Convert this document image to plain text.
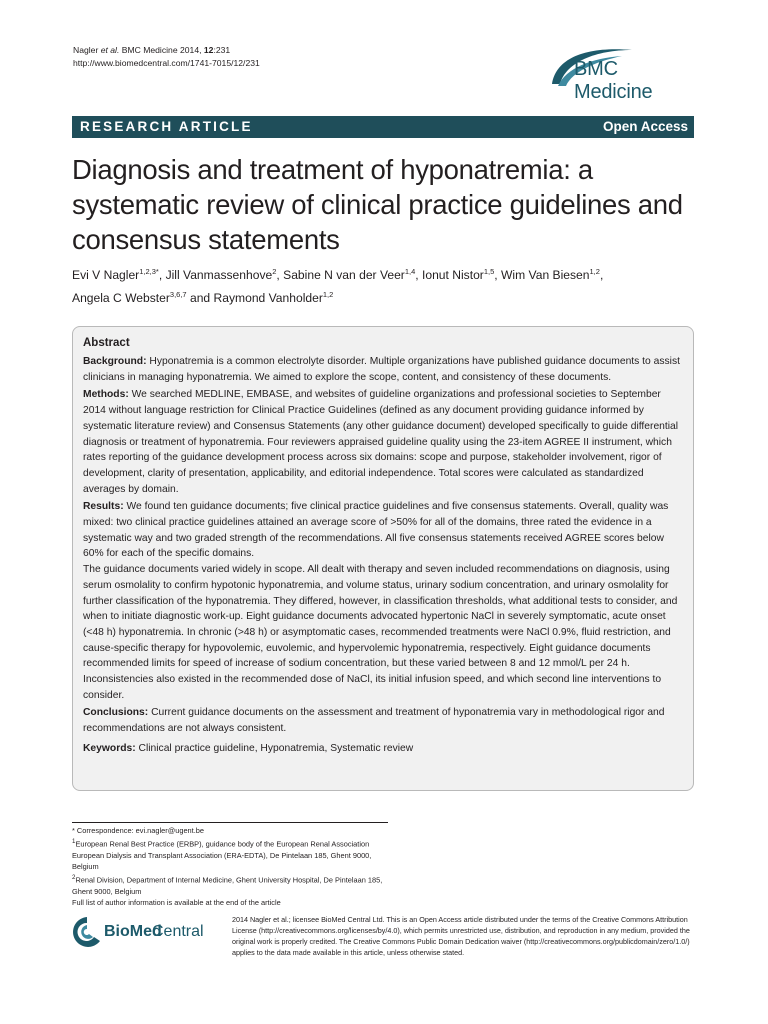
Nagler et al. BMC Medicine 2014, 12:231
http://www.biomedcentral.com/1741-7015/12/231	BMC Medicine
RESEARCH ARTICLE	Open Access
Diagnosis and treatment of hyponatremia: a systematic review of clinical practice guidelines and consensus statements
Evi V Nagler$^{1,2,3*}$, Jill Vanmassenhove$^2$, Sabine N van der Veer$^{1,4}$, Ionut Nistor$^{1,5}$, Wim Van Biesen$^{1,2}$,
Angela C Webster$^{3,6,7}$ and Raymond Vanholder$^{1,2}$
Abstract

Background: Hyponatremia is a common electrolyte disorder. Multiple organizations have published guidance documents to assist clinicians in managing hyponatremia. We aimed to explore the scope, content, and consistency of these documents.

Methods: We searched MEDLINE, EMBASE, and websites of guideline organizations and professional societies to September 2014 without language restriction for Clinical Practice Guidelines (defined as any document providing guidance informed by systematic literature review) and Consensus Statements (any other guidance document) developed specifically to guide differential diagnosis or treatment of hyponatremia. Four reviewers appraised guideline quality using the 23-item AGREE II instrument, which rates reporting of the guidance development process across six domains: scope and purpose, stakeholder involvement, rigor of development, clarity of presentation, applicability, and editorial independence. Total scores were calculated as standardized averages by domain.

Results: We found ten guidance documents; five clinical practice guidelines and five consensus statements. Overall, quality was mixed: two clinical practice guidelines attained an average score of >50% for all of the domains, three rated the evidence in a systematic way and two graded strength of the recommendations. All five consensus statements received AGREE scores below 60% for each of the specific domains.

The guidance documents varied widely in scope. All dealt with therapy and seven included recommendations on diagnosis, using serum osmolality to confirm hypotonic hyponatremia, and volume status, urinary sodium concentration, and urinary osmolality for further classification of the hyponatremia. They differed, however, in classification thresholds, what additional tests to consider, and when to initiate diagnostic work-up. Eight guidance documents advocated hypertonic NaCl in severely symptomatic, acute onset (<48 h) hyponatremia. In chronic (>48 h) or asymptomatic cases, recommended treatments were NaCl 0.9%, fluid restriction, and cause-specific therapy for hypovolemic, euvolemic, and hypervolemic hyponatremia, respectively. Eight guidance documents recommended limits for speed of increase of sodium concentration, but these varied between 8 and 12 mmol/L per 24 h. Inconsistencies also existed in the recommended dose of NaCl, its initial infusion speed, and which second line interventions to consider.

Conclusions: Current guidance documents on the assessment and treatment of hyponatremia vary in methodological rigor and recommendations are not always consistent.

Keywords: Clinical practice guideline, Hyponatremia, Systematic review

* Correspondence: evi.nagler@ugent.be
$^1$European Renal Best Practice (ERBP), guidance body of the European Renal Association European Dialysis and Transplant Association (ERA-EDTA), De Pintelaan 185, Ghent 9000, Belgium
$^2$Renal Division, Department of Internal Medicine, Ghent University Hospital, De Pintelaan 185, Ghent 9000, Belgium
Full list of author information is available at the end of the article
BioMed
Central
2014 Nagler et al.; licensee BioMed Central Ltd. This is an Open Access article distributed under the terms of the Creative Commons Attribution License (http://creativecommons.org/licenses/by/4.0), which permits unrestricted use, distribution, and reproduction in any medium, provided the original work is properly credited. The Creative Commons Public Domain Dedication waiver (http://creativecommons.org/publicdomain/zero/1.0/) applies to the data made available in this article, unless otherwise stated.
